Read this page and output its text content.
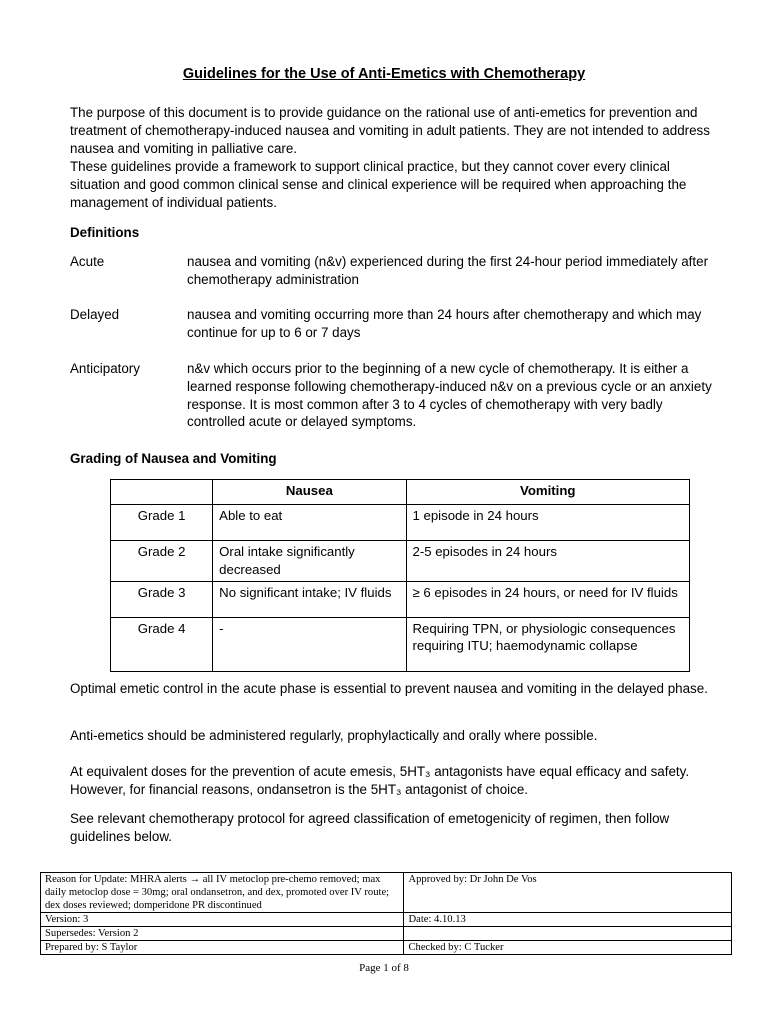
Guidelines for the Use of Anti-Emetics with Chemotherapy
The purpose of this document is to provide guidance on the rational use of anti-emetics for prevention and treatment of chemotherapy-induced nausea and vomiting in adult patients. They are not intended to address nausea and vomiting in palliative care.
These guidelines provide a framework to support clinical practice, but they cannot cover every clinical situation and good common clinical sense and clinical experience will be required when approaching the management of individual patients.
Definitions
Acute	nausea and vomiting (n&v) experienced during the first 24-hour period immediately after chemotherapy administration
Delayed	nausea and vomiting occurring more than 24 hours after chemotherapy and which may continue for up to 6 or 7 days
Anticipatory	n&v which occurs prior to the beginning of a new cycle of chemotherapy. It is either a learned response following chemotherapy-induced n&v on a previous cycle or an anxiety response. It is most common after 3 to 4 cycles of chemotherapy with very badly controlled acute or delayed symptoms.
Grading of Nausea and Vomiting
	Nausea	Vomiting
Grade 1	Able to eat	1 episode in 24 hours
Grade 2	Oral intake significantly decreased	2-5 episodes in 24 hours
Grade 3	No significant intake; IV fluids	≥ 6 episodes in 24 hours, or need for IV fluids
Grade 4	-	Requiring TPN, or physiologic consequences requiring ITU; haemodynamic collapse
Optimal emetic control in the acute phase is essential to prevent nausea and vomiting in the delayed phase.
Anti-emetics should be administered regularly, prophylactically and orally where possible.
At equivalent doses for the prevention of acute emesis, 5HT₃ antagonists have equal efficacy and safety. However, for financial reasons, ondansetron is the 5HT₃ antagonist of choice.
See relevant chemotherapy protocol for agreed classification of emetogenicity of regimen, then follow guidelines below.
Reason for Update: MHRA alerts → all IV metoclop pre-chemo removed; max daily metoclop dose = 30mg; oral ondansetron, and dex, promoted over IV route; dex doses reviewed; domperidone PR discontinued	Approved by: Dr John De Vos
Version: 3	Date: 4.10.13
Supersedes: Version 2	
Prepared by: S Taylor	Checked by: C Tucker
Page 1 of 8
